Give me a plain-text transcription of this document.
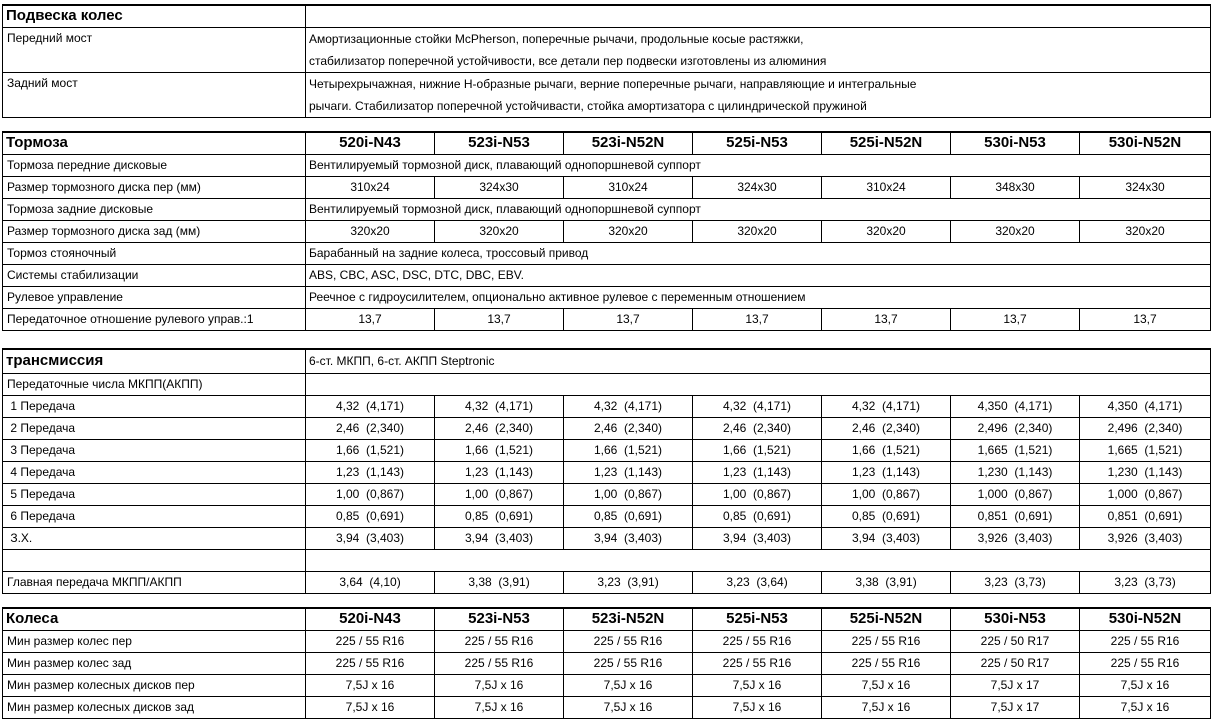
Подвеска колес	
Передний мост	Амортизационные стойки McPherson, поперечные рычачи, продольные косые растяжки,
стабилизатор поперечной устойчивости, все детали пер подвески изготовлены из алюминия

Задний мост	Четырехрычажная, нижние H-образные рычаги, верние поперечные рычаги, направляющие и интегральные
рычаги. Стабилизатор поперечной устойчивасти, стойка амортизатора с цилиндрической пружиной
Тормоза	520i-N43	523i-N53	523i-N52N	525i-N53	525i-N52N	530i-N53	530i-N52N
Тормоза передние дисковые	Вентилируемый тормозной диск, плавающий однопоршневой суппорт						
Размер тормозного диска пер (мм)	310x24	324x30	310x24	324x30	310x24	348x30	324x30
Тормоза задние дисковые	Вентилируемый тормозной диск, плавающий однопоршневой суппорт						
Размер тормозного диска зад (мм)	320x20	320x20	320x20	320x20	320x20	320x20	320x20
Тормоз стояночный	Барабанный на задние колеса, троссовый привод						
Системы стабилизации	ABS, CBC, ASC, DSC, DTC, DBC, EBV.						
Рулевое управление	Реечное с гидроусилителем, опционально активное рулевое с переменным отношением						
Передаточное отношение рулевого управ.:1	13,7	13,7	13,7	13,7	13,7	13,7	13,7
трансмиссия	6-ст. МКПП, 6-ст. АКПП Steptronic						
Передаточные числа МКПП(АКПП)							
1 Передача	4,32  (4,171)	4,32  (4,171)	4,32  (4,171)	4,32  (4,171)	4,32  (4,171)	4,350  (4,171)	4,350  (4,171)
2 Передача	2,46  (2,340)	2,46  (2,340)	2,46  (2,340)	2,46  (2,340)	2,46  (2,340)	2,496  (2,340)	2,496  (2,340)
3 Передача	1,66  (1,521)	1,66  (1,521)	1,66  (1,521)	1,66  (1,521)	1,66  (1,521)	1,665  (1,521)	1,665  (1,521)
4 Передача	1,23  (1,143)	1,23  (1,143)	1,23  (1,143)	1,23  (1,143)	1,23  (1,143)	1,230  (1,143)	1,230  (1,143)
5 Передача	1,00  (0,867)	1,00  (0,867)	1,00  (0,867)	1,00  (0,867)	1,00  (0,867)	1,000  (0,867)	1,000  (0,867)
6 Передача	0,85  (0,691)	0,85  (0,691)	0,85  (0,691)	0,85  (0,691)	0,85  (0,691)	0,851  (0,691)	0,851  (0,691)
З.Х.	3,94  (3,403)	3,94  (3,403)	3,94  (3,403)	3,94  (3,403)	3,94  (3,403)	3,926  (3,403)	3,926  (3,403)

Главная передача МКПП/АКПП	3,64  (4,10)	3,38  (3,91)	3,23  (3,91)	3,23  (3,64)	3,38  (3,91)	3,23  (3,73)	3,23  (3,73)
Колеса	520i-N43	523i-N53	523i-N52N	525i-N53	525i-N52N	530i-N53	530i-N52N
Мин размер колес пер	225 / 55 R16	225 / 55 R16	225 / 55 R16	225 / 55 R16	225 / 55 R16	225 / 50 R17	225 / 55 R16
Мин размер колес зад	225 / 55 R16	225 / 55 R16	225 / 55 R16	225 / 55 R16	225 / 55 R16	225 / 50 R17	225 / 55 R16
Мин размер колесных дисков пер	7,5J x 16	7,5J x 16	7,5J x 16	7,5J x 16	7,5J x 16	7,5J x 17	7,5J x 16
Мин размер колесных дисков зад	7,5J x 16	7,5J x 16	7,5J x 16	7,5J x 16	7,5J x 16	7,5J x 17	7,5J x 16
